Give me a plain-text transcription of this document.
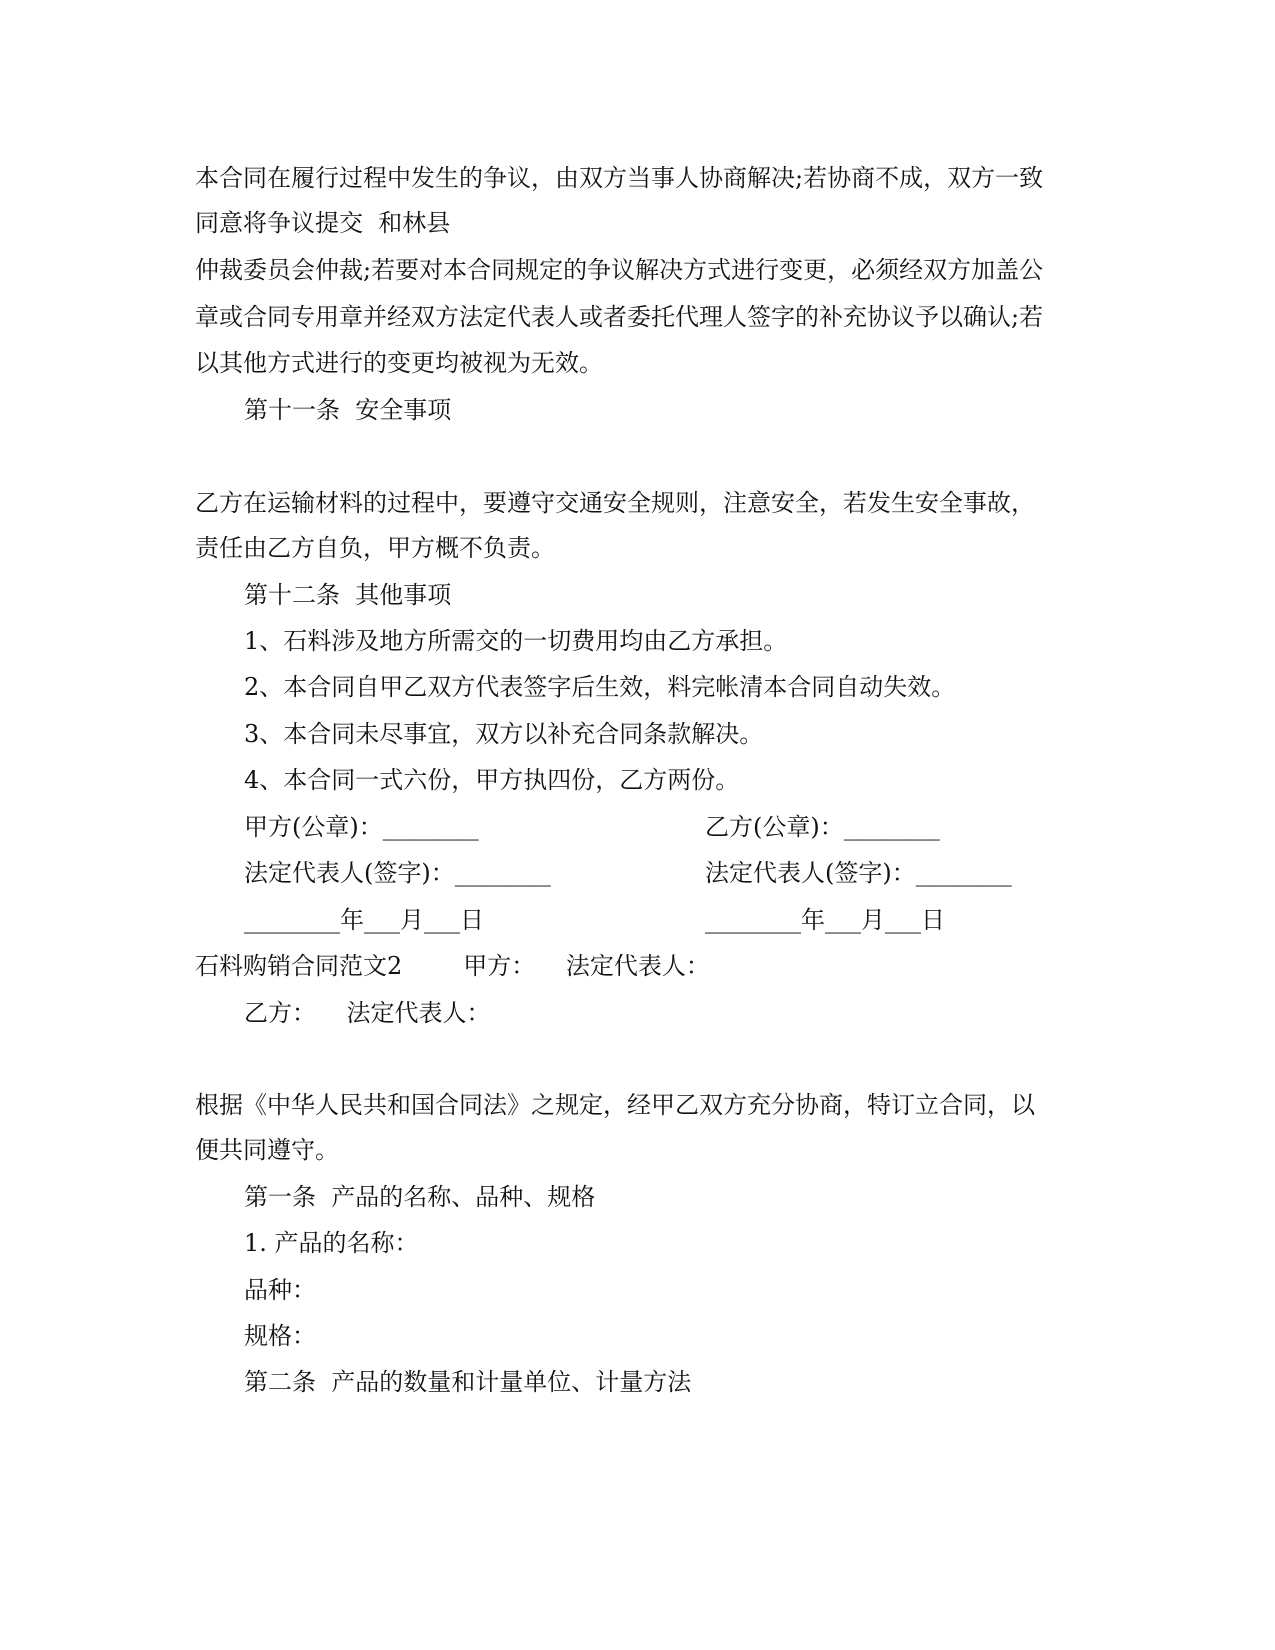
本合同在履行过程中发生的争议，由双方当事人协商解决;若协商不成，双方一致
同意将争议提交  和林县
仲裁委员会仲裁;若要对本合同规定的争议解决方式进行变更，必须经双方加盖公
章或合同专用章并经双方法定代表人或者委托代理人签字的补充协议予以确认;若
以其他方式进行的变更均被视为无效。
第十一条  安全事项
乙方在运输材料的过程中，要遵守交通安全规则，注意安全，若发生安全事故，
责任由乙方自负，甲方概不负责。
第十二条  其他事项
1、石料涉及地方所需交的一切费用均由乙方承担。
2、本合同自甲乙双方代表签字后生效，料完帐清本合同自动失效。
3、本合同未尽事宜，双方以补充合同条款解决。
4、本合同一式六份，甲方执四份，乙方两份。
甲方(公章)：________	乙方(公章)：________
法定代表人(签字)：________	法定代表人(签字)：________
________年___月___日	________年___月___日
石料购销合同范文2        甲方：    法定代表人：
乙方：    法定代表人：
根据《中华人民共和国合同法》之规定，经甲乙双方充分协商，特订立合同，以
便共同遵守。
第一条  产品的名称、品种、规格
1. 产品的名称：
品种：
规格：
第二条  产品的数量和计量单位、计量方法
